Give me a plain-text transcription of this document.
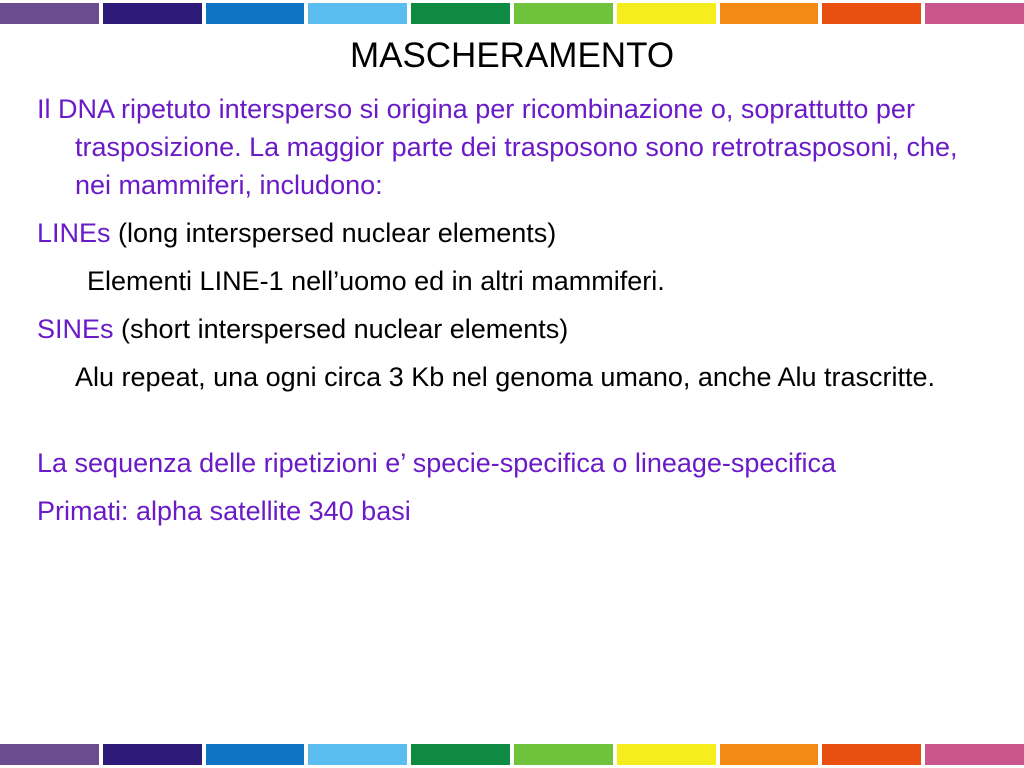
MASCHERAMENTO

Il DNA ripetuto intersperso si origina per ricombinazione o, soprattutto per trasposizione. La maggior parte dei trasposono sono retrotrasposoni, che, nei mammiferi, includono:

LINEs (long interspersed nuclear elements)

Elementi LINE-1 nell’uomo ed in altri mammiferi.

SINEs (short interspersed nuclear elements)

Alu repeat, una ogni circa 3 Kb nel genoma umano, anche Alu trascritte.

La sequenza delle ripetizioni e’ specie-specifica o lineage-specifica

Primati: alpha satellite 340 basi
